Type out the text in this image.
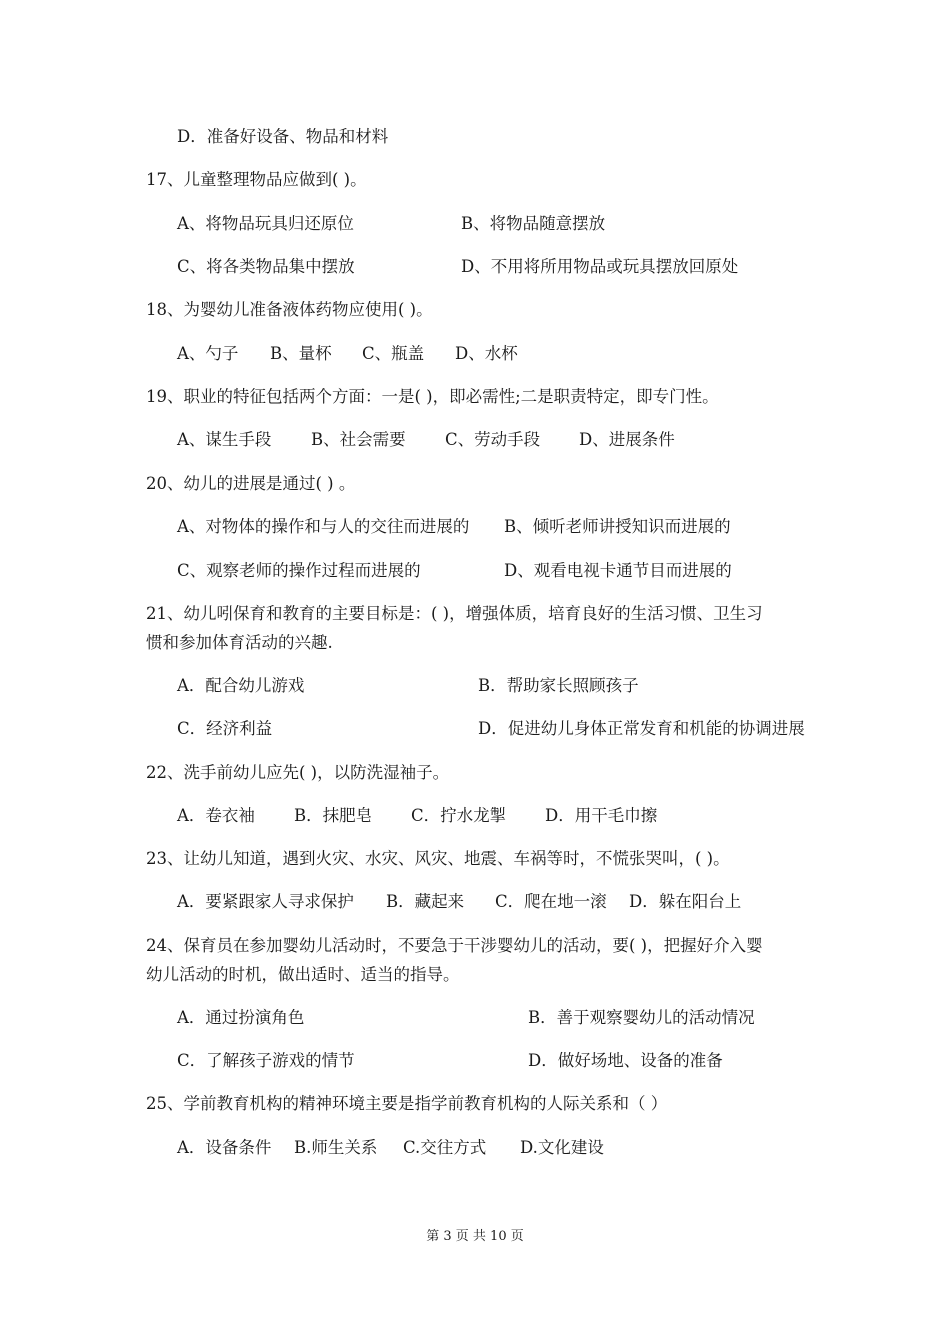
D．准备好设备、物品和材料
17、儿童整理物品应做到( )。
A、将物品玩具归还原位	B、将物品随意摆放
C、将各类物品集中摆放	D、不用将所用物品或玩具摆放回原处
18、为婴幼儿准备液体药物应使用( )。
A、勺子 B、量杯 C、瓶盖 D、水杯
19、职业的特征包括两个方面：一是( )，即必需性;二是职责特定，即专门性。
A、谋生手段 B、社会需要 C、劳动手段 D、进展条件
20、幼儿的进展是通过( ) 。
A、对物体的操作和与人的交往而进展的 B、倾听老师讲授知识而进展的
C、观察老师的操作过程而进展的	D、观看电视卡通节目而进展的
21、幼儿吲保育和教育的主要目标是：( )，增强体质，培育良好的生活习惯、卫生习
惯和参加体育活动的兴趣.
A．配合幼儿游戏	B．帮助家长照顾孩子
C．经济利益	D．促进幼儿身体正常发育和机能的协调进展
22、洗手前幼儿应先( )，以防洗湿袖子。
A．卷衣袖 B．抹肥皂 C．拧水龙掣 D．用干毛巾擦
23、让幼儿知道，遇到火灾、水灾、风灾、地震、车祸等时，不慌张哭叫，( )。
A．要紧跟家人寻求保护 B．藏起来 C．爬在地一滚 D．躲在阳台上
24、保育员在参加婴幼儿活动时，不要急于干涉婴幼儿的活动，要( )，把握好介入婴
幼儿活动的时机，做出适时、适当的指导。
A．通过扮演角色	B．善于观察婴幼儿的活动情况
C．了解孩子游戏的情节	D．做好场地、设备的准备
25、学前教育机构的精神环境主要是指学前教育机构的人际关系和（ ）
A．设备条件 B.师生关系 C.交往方式 D.文化建设
第 3 页 共 10 页
